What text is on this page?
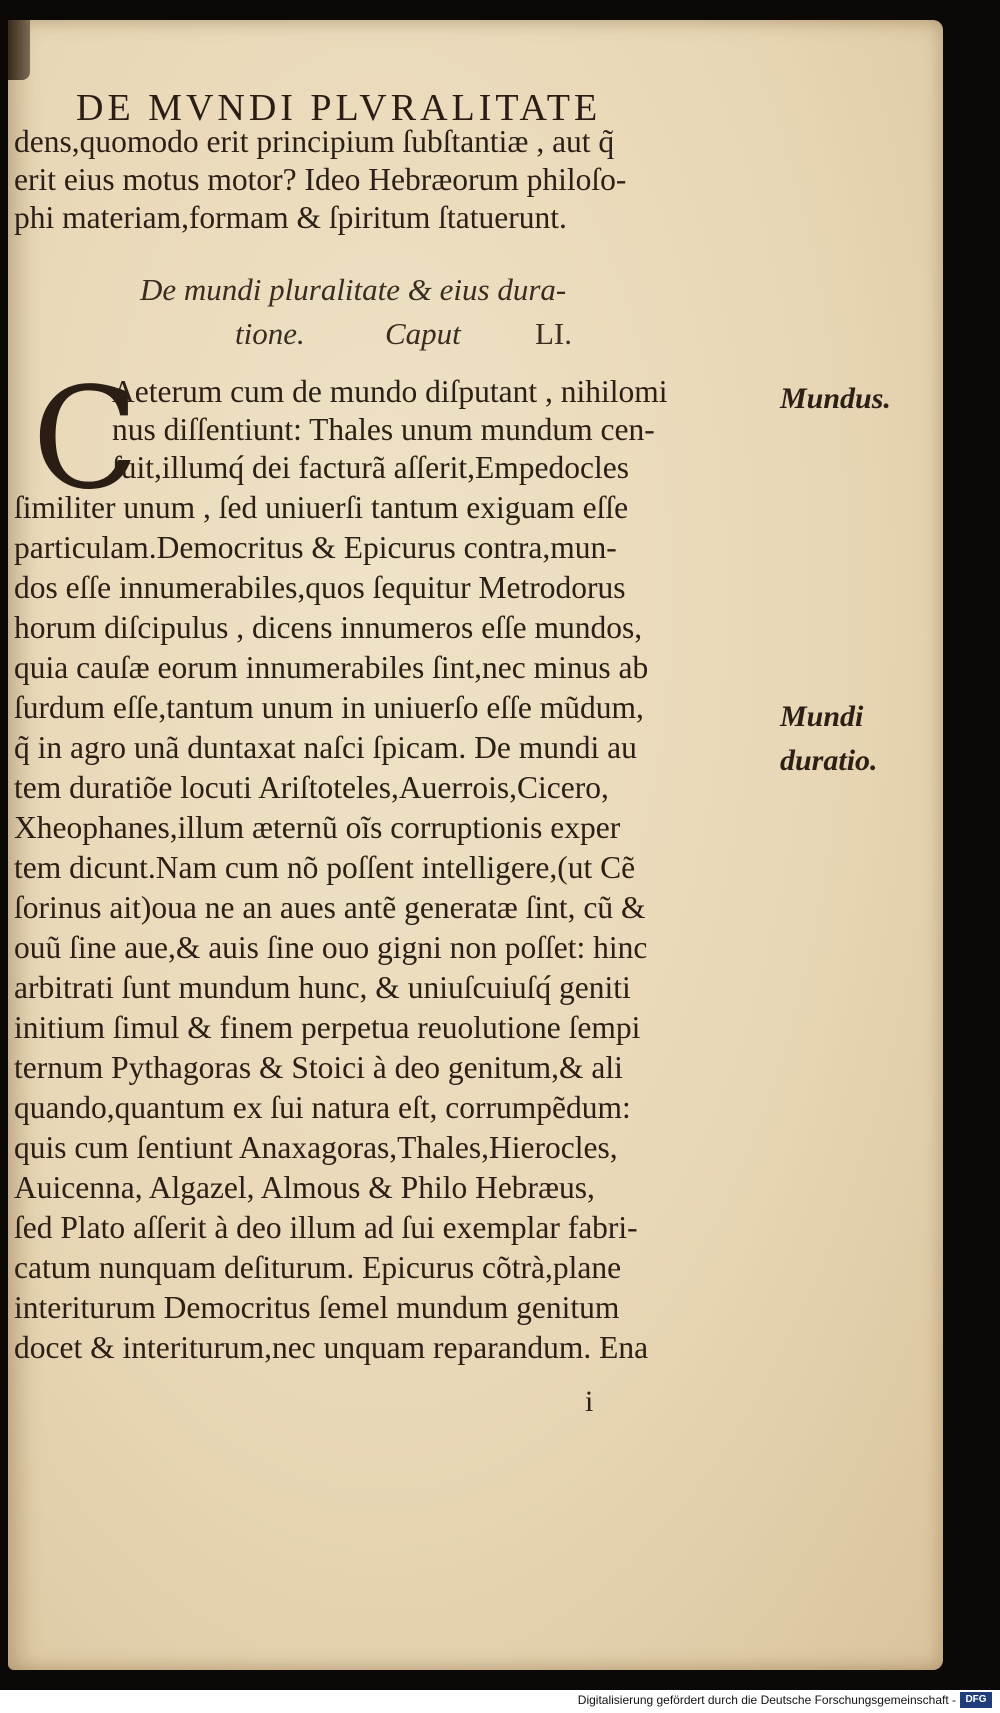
DE MVNDI PLVRALITATE
dens,quomodo erit principium ſubſtantiæ , aut q̃
erit eius motus motor? Ideo Hebræorum philoſo-
phi materiam,formam & ſpiritum ſtatuerunt.
De mundi pluralitate & eius dura-
tione.	Caput LI.
C
Aeterum cum de mundo diſputant , nihilomi
nus diſſentiunt: Thales unum mundum cen-
ſuit,illumq́ dei facturã aſſerit,Empedocles
ſimiliter unum , ſed uniuerſi tantum exiguam eſſe
particulam.Democritus & Epicurus contra,mun-
dos eſſe innumerabiles,quos ſequitur Metrodorus
horum diſcipulus , dicens innumeros eſſe mundos,
quia cauſæ eorum innumerabiles ſint,nec minus ab
ſurdum eſſe,tantum unum in uniuerſo eſſe mũdum,
q̃ in agro unã duntaxat naſci ſpicam. De mundi au
tem duratiõe locuti Ariſtoteles,Auerrois,Cicero,
Xheophanes,illum æternũ oĩs corruptionis exper
tem dicunt.Nam cum nõ poſſent intelligere,(ut Cẽ
ſorinus ait)oua ne an aues antẽ generatæ ſint, cũ &
ouũ ſine aue,& auis ſine ouo gigni non poſſet: hinc
arbitrati ſunt mundum hunc, & uniuſcuiuſq́ geniti
initium ſimul & finem perpetua reuolutione ſempi
ternum Pythagoras & Stoici à deo genitum,& ali
quando,quantum ex ſui natura eſt, corrumpẽdum:
quis cum ſentiunt Anaxagoras,Thales,Hierocles,
Auicenna, Algazel, Almous & Philo Hebræus,
ſed Plato aſſerit à deo illum ad ſui exemplar fabri-
catum nunquam deſiturum. Epicurus cõtrà,plane
interiturum Democritus ſemel mundum genitum
docet & interiturum,nec unquam reparandum. Ena
i
Mundus.
Mundi
duratio.
Digitalisierung gefördert durch die Deutsche Forschungsgemeinschaft - DFG
